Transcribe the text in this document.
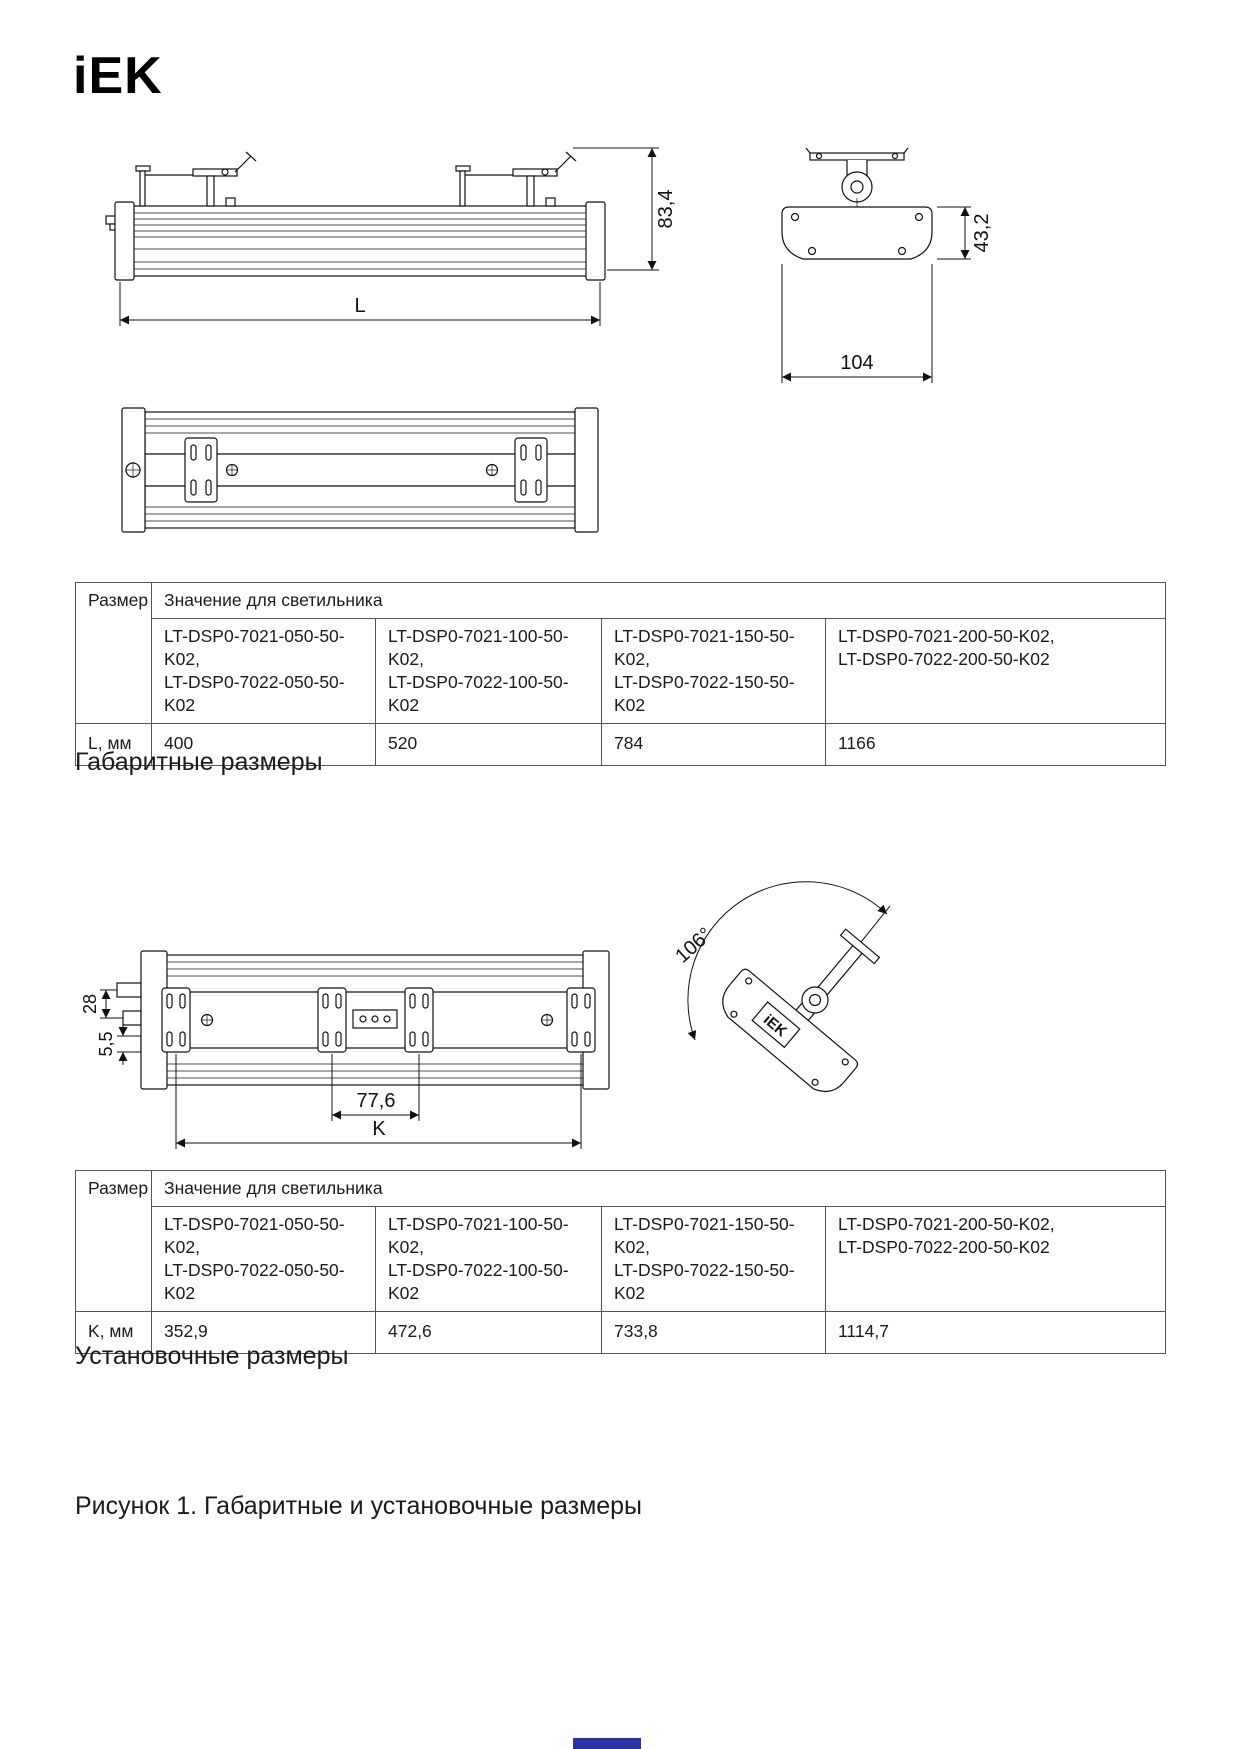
iEK
83,4
L
43,2
104
Размер	Значение для светильника			

LT-DSP0-7021-050-50-K02,
LT-DSP0-7022-050-50-K02

LT-DSP0-7021-100-50-K02,
LT-DSP0-7022-100-50-K02

LT-DSP0-7021-150-50-K02,
LT-DSP0-7022-150-50-K02

LT-DSP0-7021-200-50-K02,
LT-DSP0-7022-200-50-K02

L, мм	400	520	784	1166
Габаритные размеры
28
5,5
77,6
K
106°
iEK
Размер	Значение для светильника			

LT-DSP0-7021-050-50-K02,
LT-DSP0-7022-050-50-K02

LT-DSP0-7021-100-50-K02,
LT-DSP0-7022-100-50-K02

LT-DSP0-7021-150-50-K02,
LT-DSP0-7022-150-50-K02

LT-DSP0-7021-200-50-K02,
LT-DSP0-7022-200-50-K02

K, мм	352,9	472,6	733,8	1114,7
Установочные размеры
Рисунок 1. Габаритные и установочные размеры
